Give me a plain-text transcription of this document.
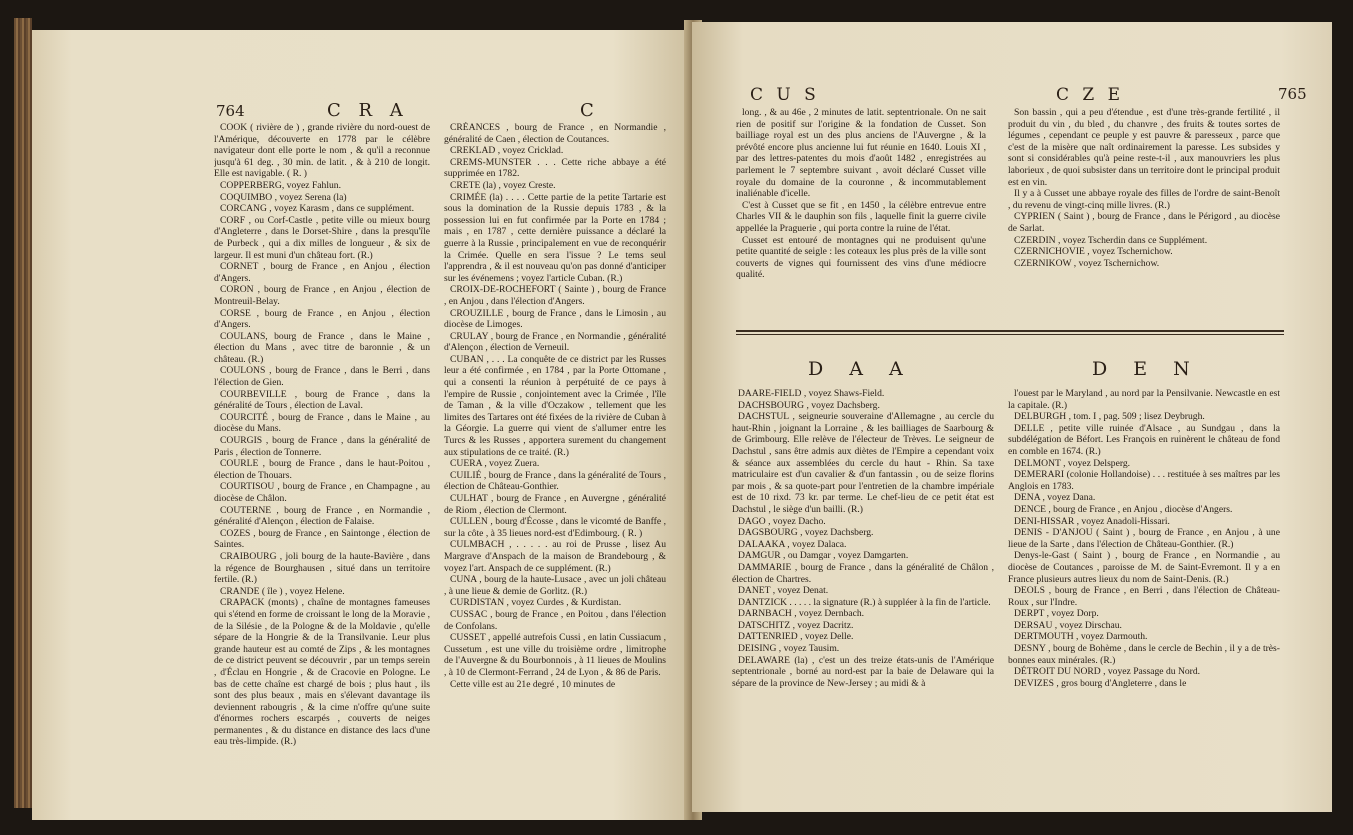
764	C R A	C

COOK ( rivière de ) , grande rivière du nord-ouest de l'Amérique, découverte en 1778 par le célèbre navigateur dont elle porte le nom , & qu'il a reconnue jusqu'à 61 deg. , 30 min. de latit. , & à 210 de longit. Elle est navigable. ( R. )

COPPERBERG, voyez Fahlun.

COQUIMBO , voyez Serena (la)

CORCANG , voyez Karasm , dans ce supplément.

CORF , ou Corf-Castle , petite ville ou mieux bourg d'Angleterre , dans le Dorset-Shire , dans la presqu'île de Purbeck , qui a dix milles de longueur , & six de largeur. Il est muni d'un château fort. (R.)

CORNET , bourg de France , en Anjou , élection d'Angers.

CORON , bourg de France , en Anjou , élection de Montreuil-Belay.

CORSE , bourg de France , en Anjou , élection d'Angers.

COULANS, bourg de France , dans le Maine , élection du Mans , avec titre de baronnie , & un château. (R.)

COULONS , bourg de France , dans le Berri , dans l'élection de Gien.

COURBEVILLE , bourg de France , dans la généralité de Tours , élection de Laval.

COURCITÉ , bourg de France , dans le Maine , au diocèse du Mans.

COURGIS , bourg de France , dans la généralité de Paris , élection de Tonnerre.

COURLE , bourg de France , dans le haut-Poitou , élection de Thouars.

COURTISOU , bourg de France , en Champagne , au diocèse de Châlon.

COUTERNE , bourg de France , en Normandie , généralité d'Alençon , élection de Falaise.

COZES , bourg de France , en Saintonge , élection de Saintes.

CRAIBOURG , joli bourg de la haute-Bavière , dans la régence de Bourghausen , situé dans un territoire fertile. (R.)

CRANDE ( île ) , voyez Helene.

CRAPACK (monts) , chaîne de montagnes fameuses qui s'étend en forme de croissant le long de la Moravie , de la Silésie , de la Pologne & de la Moldavie , qu'elle sépare de la Hongrie & de la Transilvanie. Leur plus grande hauteur est au comté de Zips , & les montagnes de ce district peuvent se découvrir , par un temps serein , d'Éclau en Hongrie , & de Cracovie en Pologne. Le bas de cette chaîne est chargé de bois ; plus haut , ils sont des plus beaux , mais en s'élevant davantage ils deviennent rabougris , & la cime n'offre qu'une suite d'énormes rochers escarpés , couverts de neiges permanentes , & du distance en distance des lacs d'une eau très-limpide. (R.)

CRÉANCES , bourg de France , en Normandie , généralité de Caen , élection de Coutances.

CREKLAD , voyez Cricklad.

CREMS-MUNSTER . . . Cette riche abbaye a été supprimée en 1782.

CRETE (la) , voyez Creste.

CRIMÉE (la) . . . . Cette partie de la petite Tartarie est sous la domination de la Russie depuis 1783 , & la possession lui en fut confirmée par la Porte en 1784 ; mais , en 1787 , cette dernière puissance a déclaré la guerre à la Russie , principalement en vue de reconquérir la Crimée. Quelle en sera l'issue ? Le tems seul l'apprendra , & il est nouveau qu'on pas donné d'anticiper sur les événemens ; voyez l'article Cuban. (R.)

CROIX-DE-ROCHEFORT ( Sainte ) , bourg de France , en Anjou , dans l'élection d'Angers.

CROUZILLE , bourg de France , dans le Limosin , au diocèse de Limoges.

CRULAY , bourg de France , en Normandie , généralité d'Alençon , élection de Verneuil.

CUBAN , . . . La conquête de ce district par les Russes leur a été confirmée , en 1784 , par la Porte Ottomane , qui a consenti la réunion à perpétuité de ce pays à l'empire de Russie , conjointement avec la Crimée , l'île de Taman , & la ville d'Oczakow , tellement que les limites des Tartares ont été fixées de la rivière de Cuban à la Géorgie. La guerre qui vient de s'allumer entre les Turcs & les Russes , apportera surement du changement aux stipulations de ce traité. (R.)

CUERA , voyez Zuera.

CUILIÉ , bourg de France , dans la généralité de Tours , élection de Château-Gonthier.

CULHAT , bourg de France , en Auvergne , généralité de Riom , élection de Clermont.

CULLEN , bourg d'Écosse , dans le vicomté de Banffe , sur la côte , à 35 lieues nord-est d'Edimbourg. ( R. )

CULMBACH , . . . . . au roi de Prusse , lisez Au Margrave d'Anspach de la maison de Brandebourg , & voyez l'art. Anspach de ce supplément. (R.)

CUNA , bourg de la haute-Lusace , avec un joli château , à une lieue & demie de Gorlitz. (R.)

CURDISTAN , voyez Curdes , & Kurdistan.

CUSSAC , bourg de France , en Poitou , dans l'élection de Confolans.

CUSSET , appellé autrefois Cussi , en latin Cussiacum , Cussetum , est une ville du troisième ordre , limitrophe de l'Auvergne & du Bourbonnois , à 11 lieues de Moulins , à 10 de Clermont-Ferrand , 24 de Lyon , & 86 de Paris.

Cette ville est au 21e degré , 10 minutes de

C U S	C Z E	765

long. , & au 46e , 2 minutes de latit. septentrionale. On ne sait rien de positif sur l'origine & la fondation de Cusset. Son bailliage royal est un des plus anciens de l'Auvergne , & la prévôté encore plus ancienne lui fut réunie en 1640. Louis XI , par des lettres-patentes du mois d'août 1482 , enregistrées au parlement le 7 septembre suivant , avoit déclaré Cusset ville royale du domaine de la couronne , & incommutablement inaliénable d'icelle.

C'est à Cusset que se fit , en 1450 , la célèbre entrevue entre Charles VII & le dauphin son fils , laquelle finit la guerre civile appellée la Praguerie , qui porta contre la ruine de l'état.

Cusset est entouré de montagnes qui ne produisent qu'une petite quantité de seigle : les coteaux les plus près de la ville sont couverts de vignes qui fournissent des vins d'une médiocre qualité.

Son bassin , qui a peu d'étendue , est d'une très-grande fertilité , il produit du vin , du bled , du chanvre , des fruits & toutes sortes de légumes , cependant ce peuple y est pauvre & paresseux , parce que c'est de la misère que naît ordinairement la paresse. Les subsides y sont si considérables qu'à peine reste-t-il , aux manouvriers les plus laborieux , de quoi subsister dans un territoire dont le principal produit est en vin.

Il y a à Cusset une abbaye royale des filles de l'ordre de saint-Benoît , du revenu de vingt-cinq mille livres. (R.)

CYPRIEN ( Saint ) , bourg de France , dans le Périgord , au diocèse de Sarlat.

CZERDIN , voyez Tscherdin dans ce Supplément.

CZERNICHOVIE , voyez Tschernichow.

CZERNIKOW , voyez Tschernichow.

D A A	D E N

DAARE-FIELD , voyez Shaws-Field.

DACHSBOURG , voyez Dachsberg.

DACHSTUL , seigneurie souveraine d'Allemagne , au cercle du haut-Rhin , joignant la Lorraine , & les bailliages de Saarbourg & de Grimbourg. Elle relève de l'électeur de Trèves. Le seigneur de Dachstul , sans être admis aux diètes de l'Empire a cependant voix & séance aux assemblées du cercle du haut - Rhin. Sa taxe matriculaire est d'un cavalier & d'un fantassin , ou de seize florins par mois , & sa quote-part pour l'entretien de la chambre impériale est de 10 rixd. 73 kr. par terme. Le chef-lieu de ce petit état est Dachstul , le siège d'un bailli. (R.)

DAGO , voyez Dacho.

DAGSBOURG , voyez Dachsberg.

DALAAKA , voyez Dalaca.

DAMGUR , ou Damgar , voyez Damgarten.

DAMMARIE , bourg de France , dans la généralité de Châlon , élection de Chartres.

DANET , voyez Denat.

DANTZICK . . . . . la signature (R.) à suppléer à la fin de l'article.

DARNBACH , voyez Dernbach.

DATSCHITZ , voyez Dacritz.

DATTENRIED , voyez Delle.

DEISING , voyez Tausim.

DELAWARE (la) , c'est un des treize états-unis de l'Amérique septentrionale , borné au nord-est par la baie de Delaware qui la sépare de la province de New-Jersey ; au midi & à

l'ouest par le Maryland , au nord par la Pensilvanie. Newcastle en est la capitale. (R.)

DELBURGH , tom. I , pag. 509 ; lisez Deybrugh.

DELLE , petite ville ruinée d'Alsace , au Sundgau , dans la subdélégation de Béfort. Les François en ruinèrent le château de fond en comble en 1674. (R.)

DELMONT , voyez Delsperg.

DEMERARI (colonie Hollandoise) . . . restituée à ses maîtres par les Anglois en 1783.

DENA , voyez Dana.

DENCE , bourg de France , en Anjou , diocèse d'Angers.

DENI-HISSAR , voyez Anadoli-Hissari.

DENIS - D'ANJOU ( Saint ) , bourg de France , en Anjou , à une lieue de la Sarte , dans l'élection de Château-Gonthier. (R.)

Denys-le-Gast ( Saint ) , bourg de France , en Normandie , au diocèse de Coutances , paroisse de M. de Saint-Evremont. Il y a en France plusieurs autres lieux du nom de Saint-Denis. (R.)

DEOLS , bourg de France , en Berri , dans l'élection de Château-Roux , sur l'Indre.

DERPT , voyez Dorp.

DERSAU , voyez Dirschau.

DERTMOUTH , voyez Darmouth.

DESNY , bourg de Bohème , dans le cercle de Bechin , il y a de très-bonnes eaux minérales. (R.)

DÉTROIT DU NORD , voyez Passage du Nord.

DEVIZES , gros bourg d'Angleterre , dans le
